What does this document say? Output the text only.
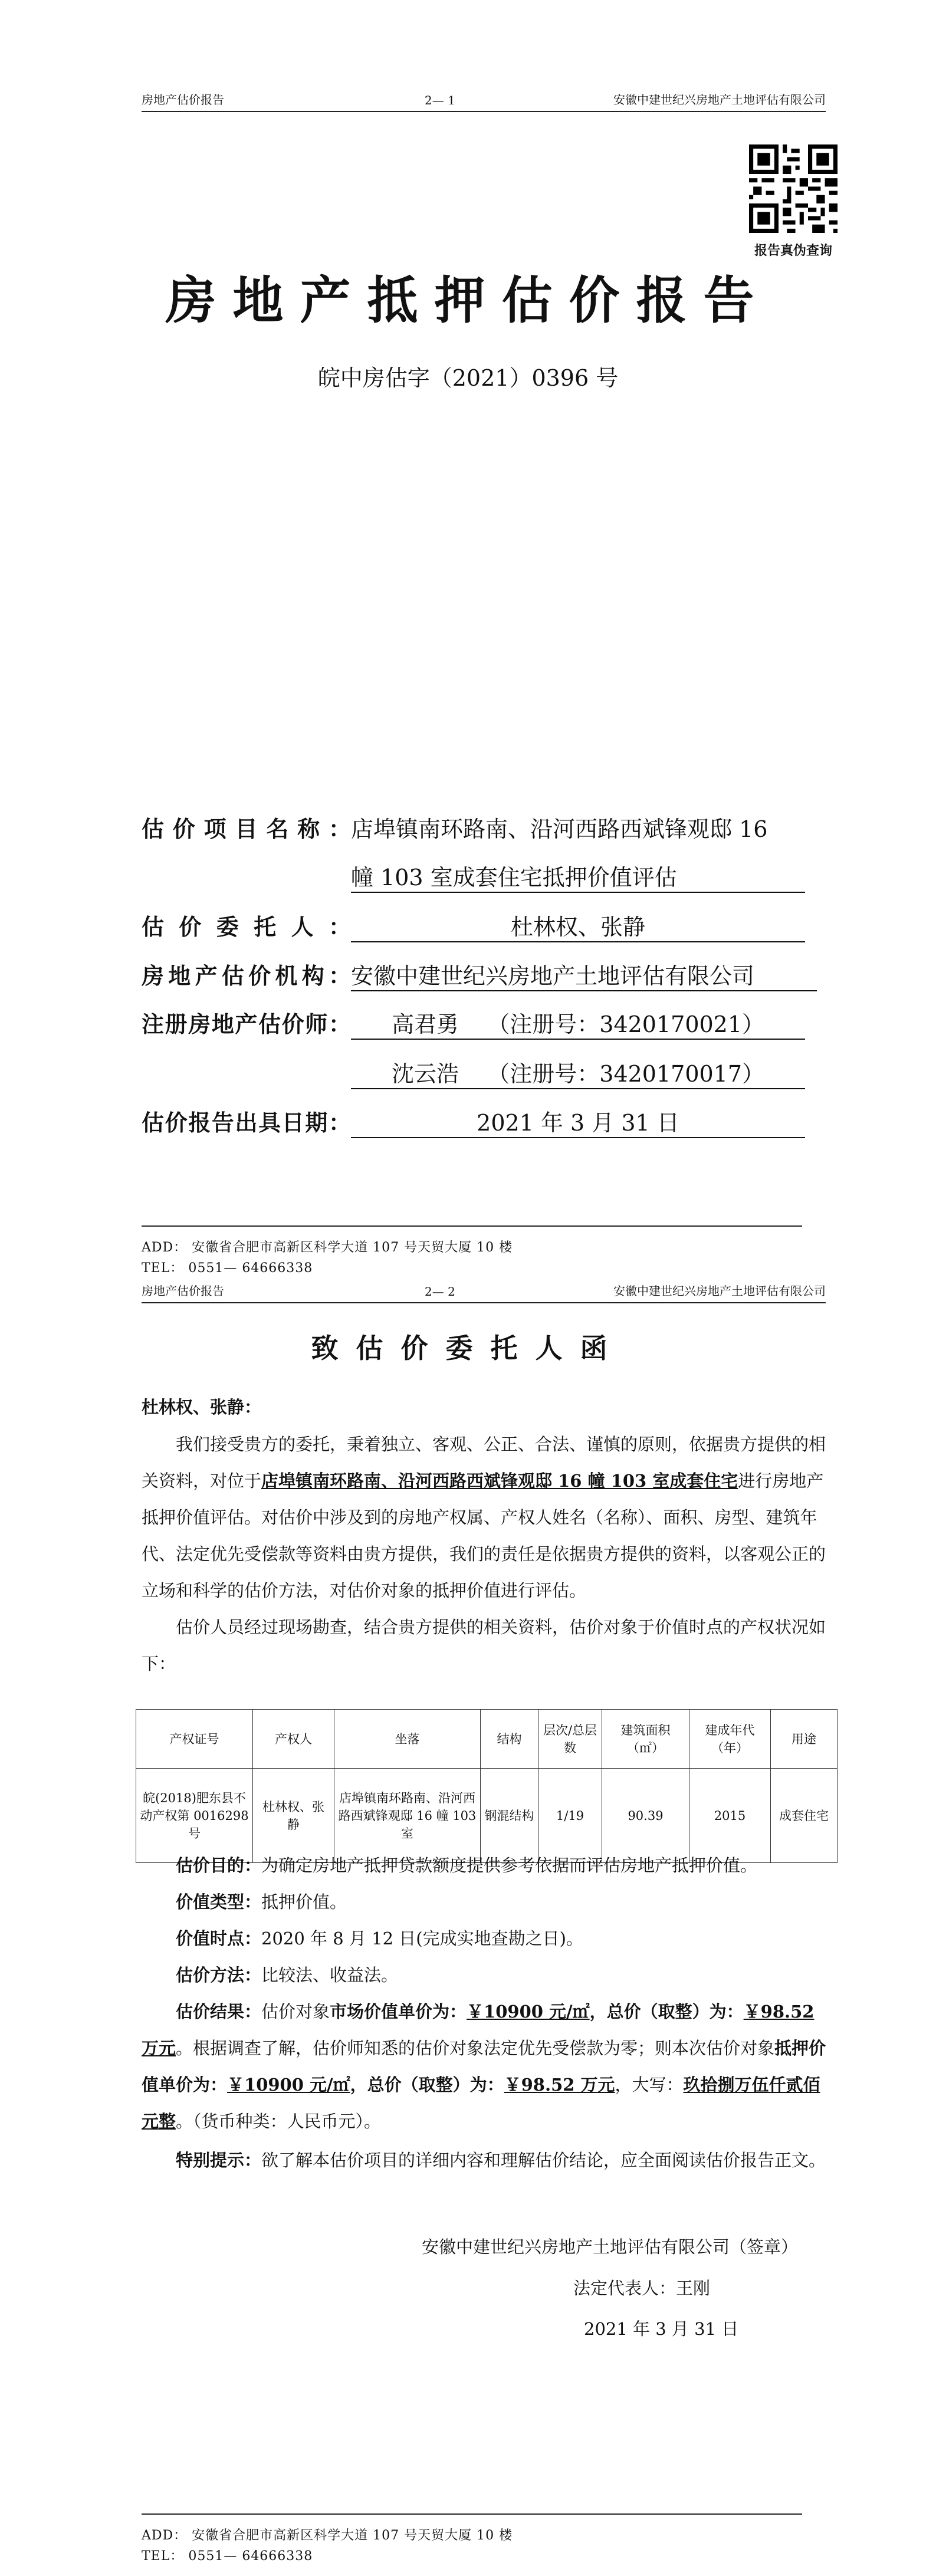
房地产估价报告	2— 1	安徽中建世纪兴房地产土地评估有限公司
报告真伪查询
房地产抵押估价报告
皖中房估字（2021）0396 号
估价项目名称： 店埠镇南环路南、沿河西路西斌锋观邸 16
幢 103 室成套住宅抵押价值评估
估价委托人：	杜林权、张静
房地产估价机构： 安徽中建世纪兴房地产土地评估有限公司
注册房地产估价师：	高君勇    （注册号：3420170021）
沈云浩    （注册号：3420170017）
估价报告出具日期：	2021 年 3 月 31 日
ADD： 安徽省合肥市高新区科学大道 107 号天贸大厦 10 楼
TEL： 0551— 64666338
房地产估价报告	2— 2	安徽中建世纪兴房地产土地评估有限公司
致估价委托人函
杜林权、张静：
我们接受贵方的委托，秉着独立、客观、公正、合法、谨慎的原则，依据贵方提供的相关资料，对位于店埠镇南环路南、沿河西路西斌锋观邸 16 幢 103 室成套住宅进行房地产抵押价值评估。对估价中涉及到的房地产权属、产权人姓名（名称）、面积、房型、建筑年代、法定优先受偿款等资料由贵方提供，我们的责任是依据贵方提供的资料，以客观公正的立场和科学的估价方法，对估价对象的抵押价值进行评估。
估价人员经过现场勘查，结合贵方提供的相关资料，估价对象于价值时点的产权状况如下：
产权证号	产权人	坐落	结构	层次/总层数	建筑面积（㎡）	建成年代（年）	用途
皖(2018)肥东县不动产权第 0016298 号	杜林权、张静	店埠镇南环路南、沿河西路西斌锋观邸 16 幢 103 室	钢混结构	1/19	90.39	2015	成套住宅
估价目的：为确定房地产抵押贷款额度提供参考依据而评估房地产抵押价值。
价值类型：抵押价值。
价值时点：2020 年 8 月 12 日(完成实地查勘之日)。
估价方法：比较法、收益法。
估价结果：估价对象市场价值单价为：￥10900 元/㎡，总价（取整）为：￥98.52 万元。根据调查了解，估价师知悉的估价对象法定优先受偿款为零；则本次估价对象抵押价值单价为：￥10900 元/㎡，总价（取整）为：￥98.52 万元，大写：玖拾捌万伍仟贰佰元整。（货币种类：人民币元）。
特别提示：欲了解本估价项目的详细内容和理解估价结论，应全面阅读估价报告正文。
安徽中建世纪兴房地产土地评估有限公司（签章）
法定代表人：王刚
2021 年 3 月 31 日
ADD： 安徽省合肥市高新区科学大道 107 号天贸大厦 10 楼
TEL： 0551— 64666338
